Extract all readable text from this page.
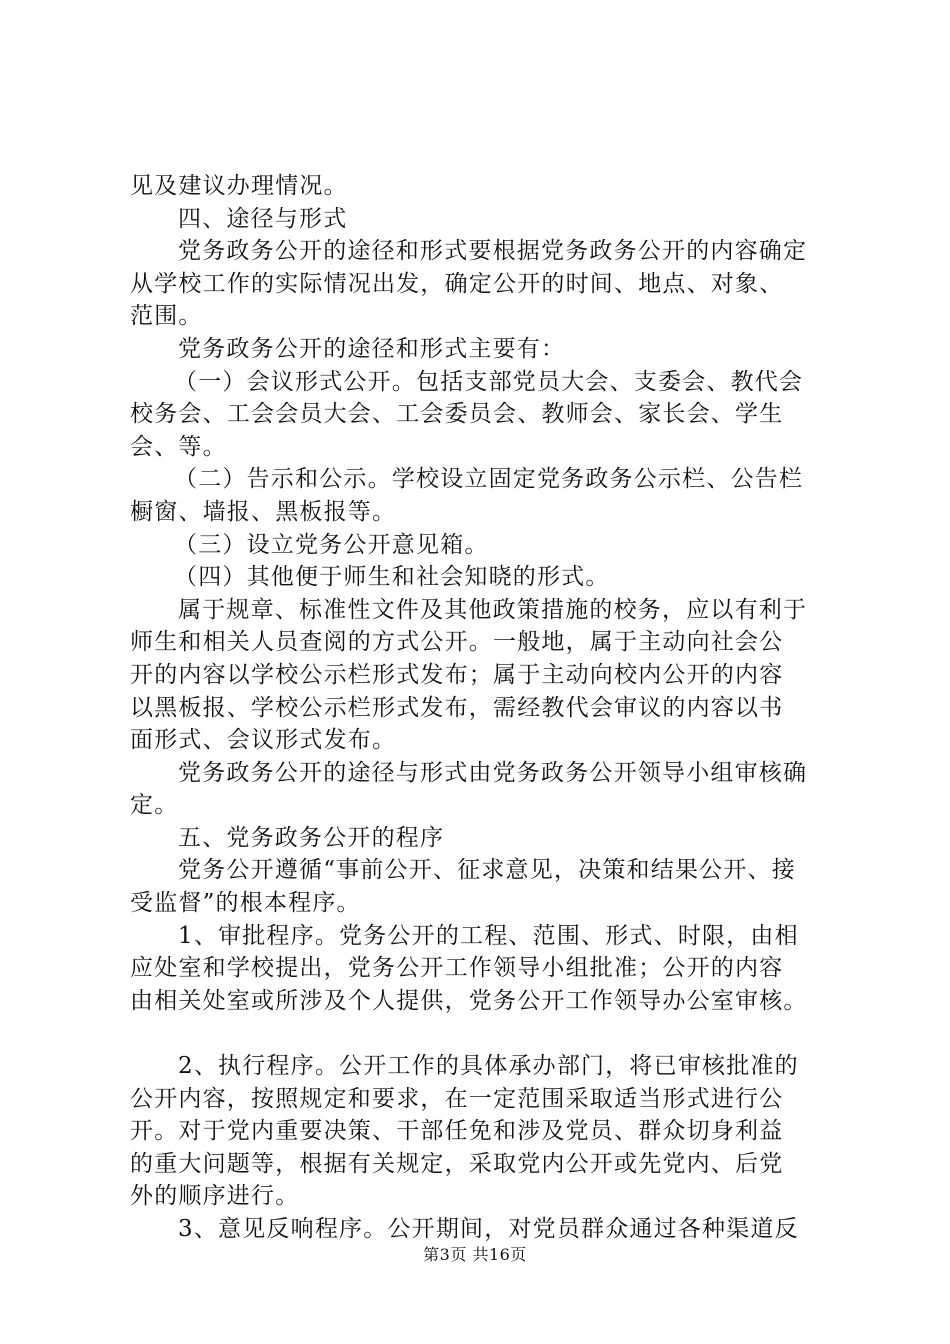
见及建议办理情况。
四、途径与形式
党务政务公开的途径和形式要根据党务政务公开的内容确定
从学校工作的实际情况出发，确定公开的时间、地点、对象、
范围。
党务政务公开的途径和形式主要有：
（一）会议形式公开。包括支部党员大会、支委会、教代会
校务会、工会会员大会、工会委员会、教师会、家长会、学生
会、等。
（二）告示和公示。学校设立固定党务政务公示栏、公告栏
橱窗、墙报、黑板报等。
（三）设立党务公开意见箱。
（四）其他便于师生和社会知晓的形式。
属于规章、标准性文件及其他政策措施的校务，应以有利于
师生和相关人员查阅的方式公开。一般地，属于主动向社会公
开的内容以学校公示栏形式发布；属于主动向校内公开的内容
以黑板报、学校公示栏形式发布，需经教代会审议的内容以书
面形式、会议形式发布。
党务政务公开的途径与形式由党务政务公开领导小组审核确
定。
五、党务政务公开的程序
党务公开遵循“事前公开、征求意见，决策和结果公开、接
受监督”的根本程序。
1、审批程序。党务公开的工程、范围、形式、时限，由相
应处室和学校提出，党务公开工作领导小组批准；公开的内容
由相关处室或所涉及个人提供，党务公开工作领导办公室审核。
2、执行程序。公开工作的具体承办部门，将已审核批准的
公开内容，按照规定和要求，在一定范围采取适当形式进行公
开。对于党内重要决策、干部任免和涉及党员、群众切身利益
的重大问题等，根据有关规定，采取党内公开或先党内、后党
外的顺序进行。
3、意见反响程序。公开期间，对党员群众通过各种渠道反
第3页 共16页
